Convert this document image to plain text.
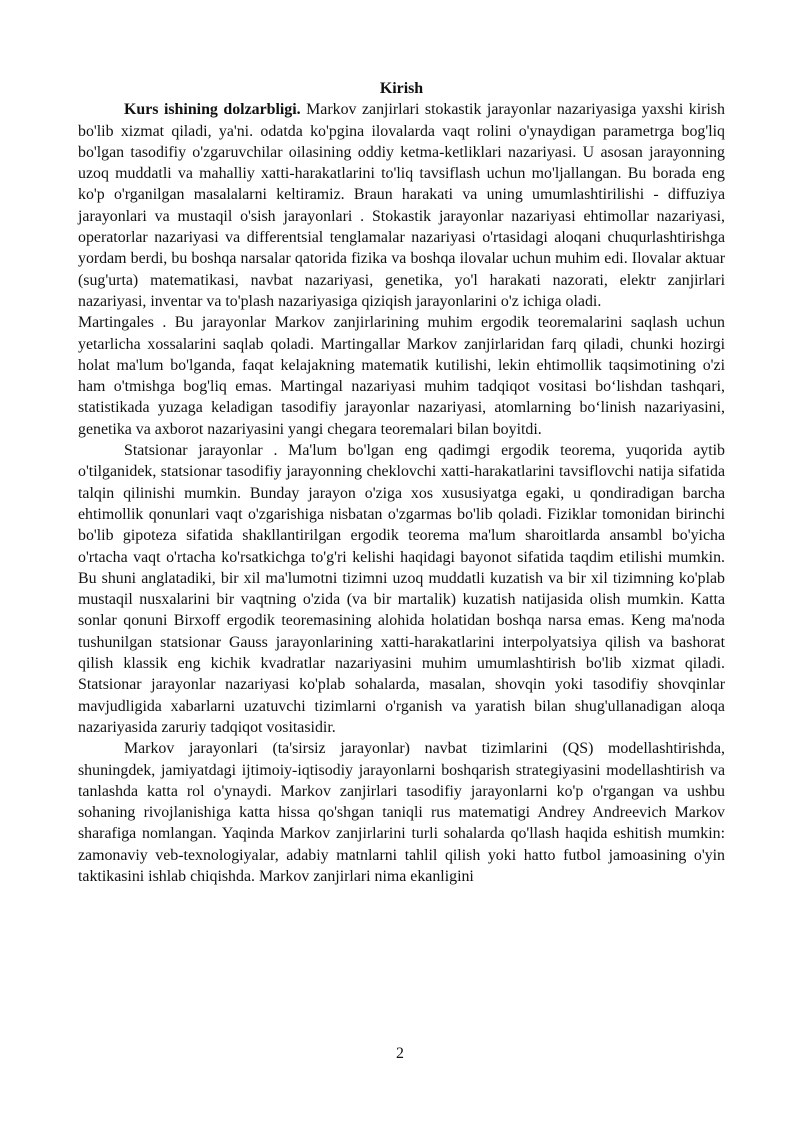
Kirish

Kurs ishining dolzarbligi. Markov zanjirlari stokastik jarayonlar nazariyasiga yaxshi kirish bo'lib xizmat qiladi, ya'ni. odatda ko'pgina ilovalarda vaqt rolini o'ynaydigan parametrga bog'liq bo'lgan tasodifiy o'zgaruvchilar oilasining oddiy ketma-ketliklari nazariyasi. U asosan jarayonning uzoq muddatli va mahalliy xatti-harakatlarini to'liq tavsiflash uchun mo'ljallangan. Bu borada eng ko'p o'rganilgan masalalarni keltiramiz. Braun harakati va uning umumlashtirilishi - diffuziya jarayonlari va mustaqil o'sish jarayonlari . Stokastik jarayonlar nazariyasi ehtimollar nazariyasi, operatorlar nazariyasi va differentsial tenglamalar nazariyasi o'rtasidagi aloqani chuqurlashtirishga yordam berdi, bu boshqa narsalar qatorida fizika va boshqa ilovalar uchun muhim edi. Ilovalar aktuar (sug'urta) matematikasi, navbat nazariyasi, genetika, yo'l harakati nazorati, elektr zanjirlari nazariyasi, inventar va to'plash nazariyasiga qiziqish jarayonlarini o'z ichiga oladi.

Martingales . Bu jarayonlar Markov zanjirlarining muhim ergodik teoremalarini saqlash uchun yetarlicha xossalarini saqlab qoladi. Martingallar Markov zanjirlaridan farq qiladi, chunki hozirgi holat ma'lum bo'lganda, faqat kelajakning matematik kutilishi, lekin ehtimollik taqsimotining o'zi ham o'tmishga bog'liq emas. Martingal nazariyasi muhim tadqiqot vositasi bo‘lishdan tashqari, statistikada yuzaga keladigan tasodifiy jarayonlar nazariyasi, atomlarning bo‘linish nazariyasini, genetika va axborot nazariyasini yangi chegara teoremalari bilan boyitdi.

Statsionar jarayonlar . Ma'lum bo'lgan eng qadimgi ergodik teorema, yuqorida aytib o'tilganidek, statsionar tasodifiy jarayonning cheklovchi xatti-harakatlarini tavsiflovchi natija sifatida talqin qilinishi mumkin. Bunday jarayon o'ziga xos xususiyatga egaki, u qondiradigan barcha ehtimollik qonunlari vaqt o'zgarishiga nisbatan o'zgarmas bo'lib qoladi. Fiziklar tomonidan birinchi bo'lib gipoteza sifatida shakllantirilgan ergodik teorema ma'lum sharoitlarda ansambl bo'yicha o'rtacha vaqt o'rtacha ko'rsatkichga to'g'ri kelishi haqidagi bayonot sifatida taqdim etilishi mumkin. Bu shuni anglatadiki, bir xil ma'lumotni tizimni uzoq muddatli kuzatish va bir xil tizimning ko'plab mustaqil nusxalarini bir vaqtning o'zida (va bir martalik) kuzatish natijasida olish mumkin. Katta sonlar qonuni Birxoff ergodik teoremasining alohida holatidan boshqa narsa emas. Keng ma'noda tushunilgan statsionar Gauss jarayonlarining xatti-harakatlarini interpolyatsiya qilish va bashorat qilish klassik eng kichik kvadratlar nazariyasini muhim umumlashtirish bo'lib xizmat qiladi. Statsionar jarayonlar nazariyasi ko'plab sohalarda, masalan, shovqin yoki tasodifiy shovqinlar mavjudligida xabarlarni uzatuvchi tizimlarni o'rganish va yaratish bilan shug'ullanadigan aloqa nazariyasida zaruriy tadqiqot vositasidir.

Markov jarayonlari (ta'sirsiz jarayonlar) navbat tizimlarini (QS) modellashtirishda, shuningdek, jamiyatdagi ijtimoiy-iqtisodiy jarayonlarni boshqarish strategiyasini modellashtirish va tanlashda katta rol o'ynaydi. Markov zanjirlari tasodifiy jarayonlarni ko'p o'rgangan va ushbu sohaning rivojlanishiga katta hissa qo'shgan taniqli rus matematigi Andrey Andreevich Markov sharafiga nomlangan. Yaqinda Markov zanjirlarini turli sohalarda qo'llash haqida eshitish mumkin: zamonaviy veb-texnologiyalar, adabiy matnlarni tahlil qilish yoki hatto futbol jamoasining o'yin taktikasini ishlab chiqishda. Markov zanjirlari nima ekanligini

2
